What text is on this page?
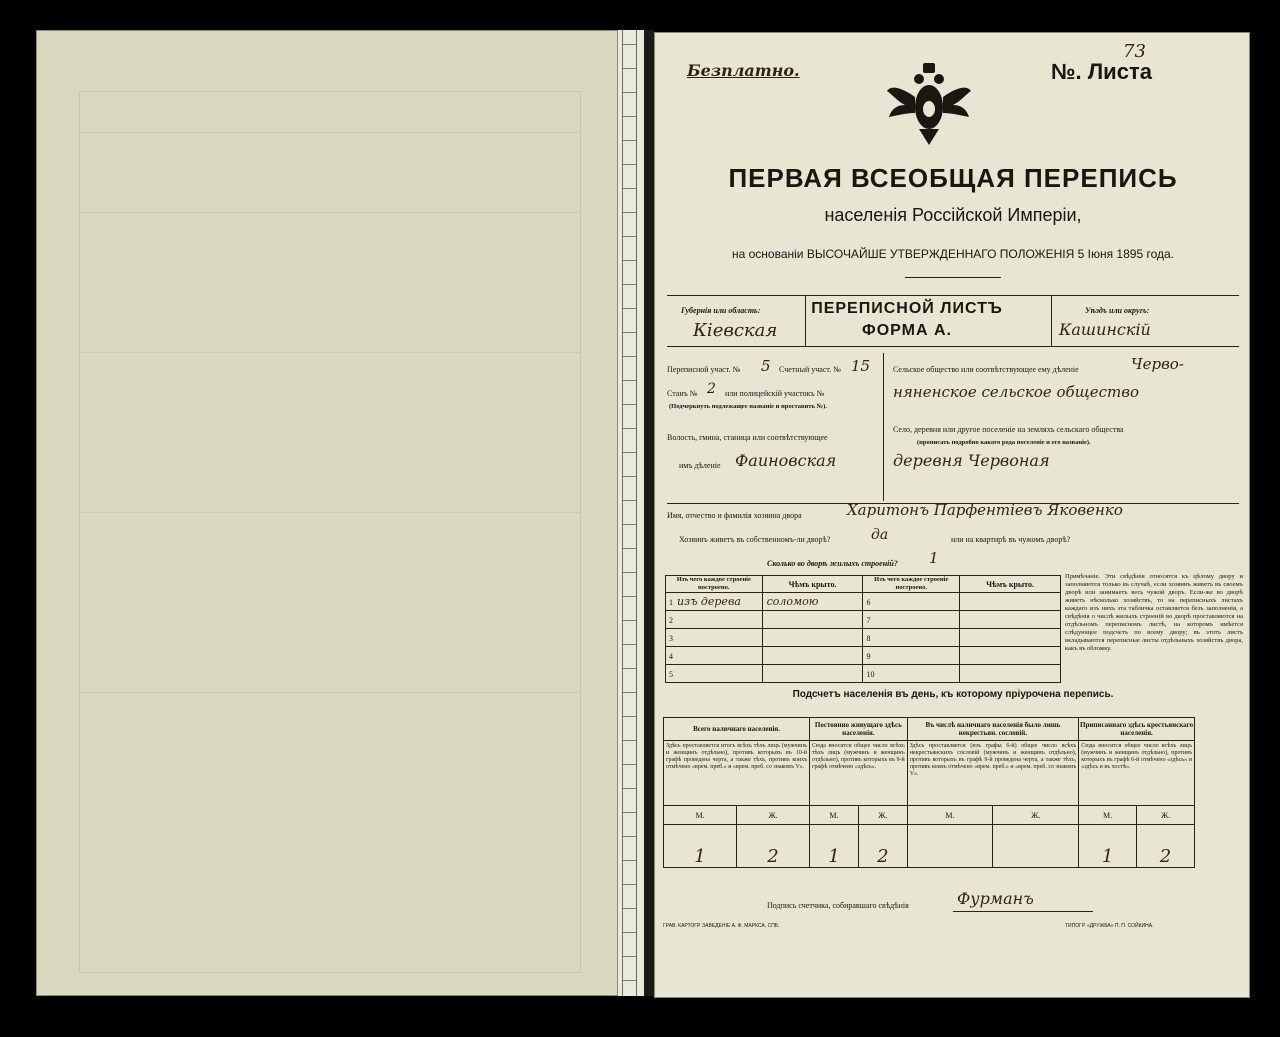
Безплатно.	№. Листа
73
ПЕРВАЯ ВСЕОБЩАЯ ПЕРЕПИСЬ
населенія Россійской Имперіи,
на основаніи ВЫСОЧАЙШЕ УТВЕРЖДЕННАГО ПОЛОЖЕНІЯ 5 Іюня 1895 года.
Губернія или область:
Кіевская
ПЕРЕПИСНОЙ ЛИСТЪ
ФОРМА А.
Уѣздъ или округъ:
Кашинскій
Переписной участ. № 5 Счетный участ. № 15
Станъ № 2 или полицейскій участокъ №
(Подчеркнуть подлежащее названіе и проставить №).
Волость, гмина, станица или соотвѣтствующее
имъ дѣленіе Фаиновская
Сельское общество или соотвѣтствующее ему дѣленіе	Черво-
няненское сельское общество
Село, деревня или другое поселеніе на земляхъ сельскаго общества
(прописать подробно какого рода поселеніе и его названіе).
деревня Червоная
Имя, отчество и фамилія хозяина двора	Харитонъ Парфентіевъ Яковенко
Хозяинъ живетъ въ собственномъ-ли дворѣ?	да	или на квартирѣ въ чужомъ дворѣ?
Сколько во дворѣ жилыхъ строеній? 1
Изъ чего каждое строеніе построено.	Чѣмъ крыто.	Изъ чего каждое строеніе построено.	Чѣмъ крыто.
1 изъ дерева	соломою	6	
2		7	
3		8	
4		9	
5		10	
Примѣчаніе. Эти свѣдѣнія относятся къ цѣлому двору и заполняются только въ случаѣ, если хозяинъ живетъ въ своемъ дворѣ или занимаетъ весь чужой дворъ. Если-же во дворѣ живетъ нѣсколько хозяйствъ, то на переписныхъ листахъ каждаго изъ нихъ эта табличка оставляется безъ заполненія, а свѣдѣнія о числѣ жилыхъ строеній во дворѣ проставляются на отдѣльномъ переписномъ листѣ, на которомъ имѣется слѣдующее подсчетъ по всему двору; въ этотъ листъ вкладываются переписные листы отдѣльныхъ хозяйствъ двора, какъ въ обложку.
Подсчетъ населенія въ день, къ которому пріурочена перепись.
Всего наличнаго населенія.		Постоянно живущаго здѣсь населенія.		Въ числѣ наличнаго населенія было лишь некрестьян. сословій.		Приписаннаго здѣсь крестьянскаго населенія.	
Здѣсь проставляется итогъ всѣхъ тѣхъ лицъ (мужчинъ и женщинъ отдѣльно), противъ которыхъ въ 10-й графѣ проведена черта, а также тѣхъ, противъ коихъ отмѣчено «врем. преб.» и «врем. преб. со знакомъ V».		Сюда вносится общее число всѣхъ тѣхъ лицъ (мужчинъ и женщинъ отдѣльно), противъ которыхъ въ 9-й графѣ отмѣчено «здѣсь».		Здѣсь проставляется (изъ графы 6-й) общее число всѣхъ некрестьянскихъ сословій (мужчинъ и женщинъ отдѣльно), противъ которыхъ въ графѣ 9-й проведена черта, а также тѣхъ, противъ коихъ отмѣчено «врем. преб.» и «врем. преб. со знакомъ V».		Сюда вносится общее число всѣхъ лицъ (мужчинъ и женщинъ отдѣльно), противъ которыхъ въ графѣ 6-й отмѣчено «здѣсь» и «здѣсь и въ хостѣ».	
М.	Ж.	М.	Ж.	М.	Ж.	М.	Ж.
1	2	1	2			1	2
Подпись счетчика, собиравшаго свѣдѣнія	Фурманъ
ГРАВ. КАРТОГР. ЗАВЕДЕНІЕ А. Ф. МАРКСА, СПБ.	ТИПОГР. «ДРУЖБА» П. П. СОЙКИНА.
